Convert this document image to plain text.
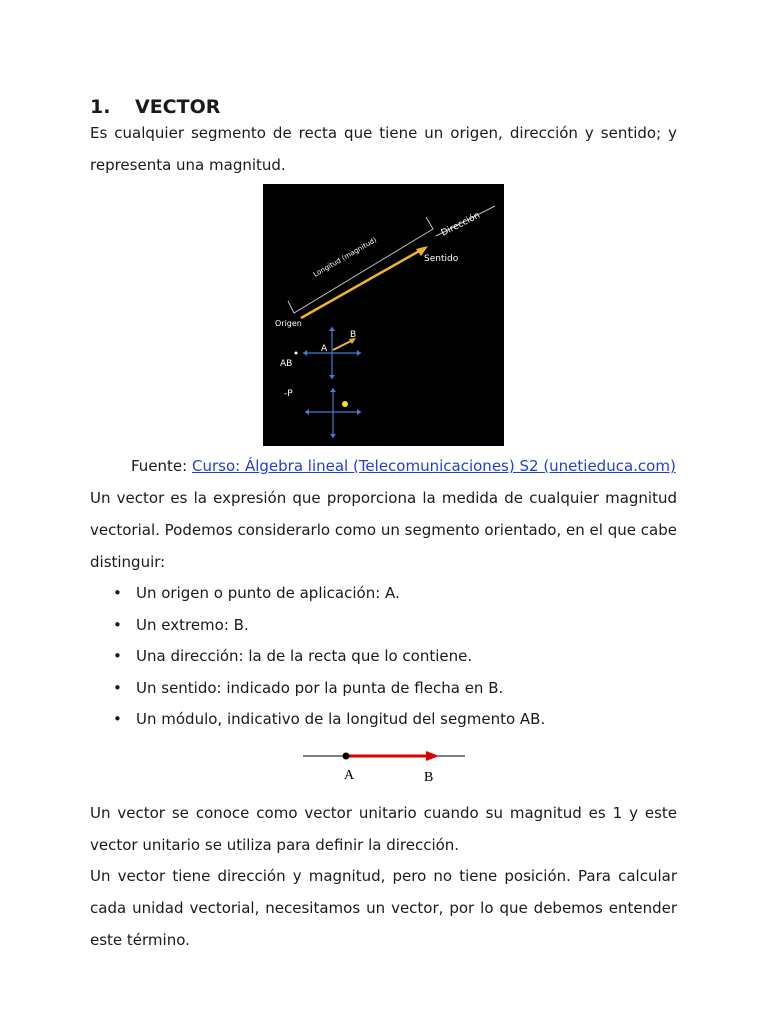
1. VECTOR

Es cualquier segmento de recta que tiene un origen, dirección y sentido; y representa una magnitud.

Dirección
Longitud (magnitud)	Sentido
Origen
B
A
AB
-P
Fuente: Curso: Álgebra lineal (Telecomunicaciones) S2 (unetieduca.com)

Un vector es la expresión que proporciona la medida de cualquier magnitud vectorial. Podemos considerarlo como un segmento orientado, en el que cabe distinguir:

• Un origen o punto de aplicación: A.
• Un extremo: B.
• Una dirección: la de la recta que lo contiene.
• Un sentido: indicado por la punta de flecha en B.
• Un módulo, indicativo de la longitud del segmento AB.
A	B

Un vector se conoce como vector unitario cuando su magnitud es 1 y este vector unitario se utiliza para definir la dirección.

Un vector tiene dirección y magnitud, pero no tiene posición. Para calcular cada unidad vectorial, necesitamos un vector, por lo que debemos entender este término.
